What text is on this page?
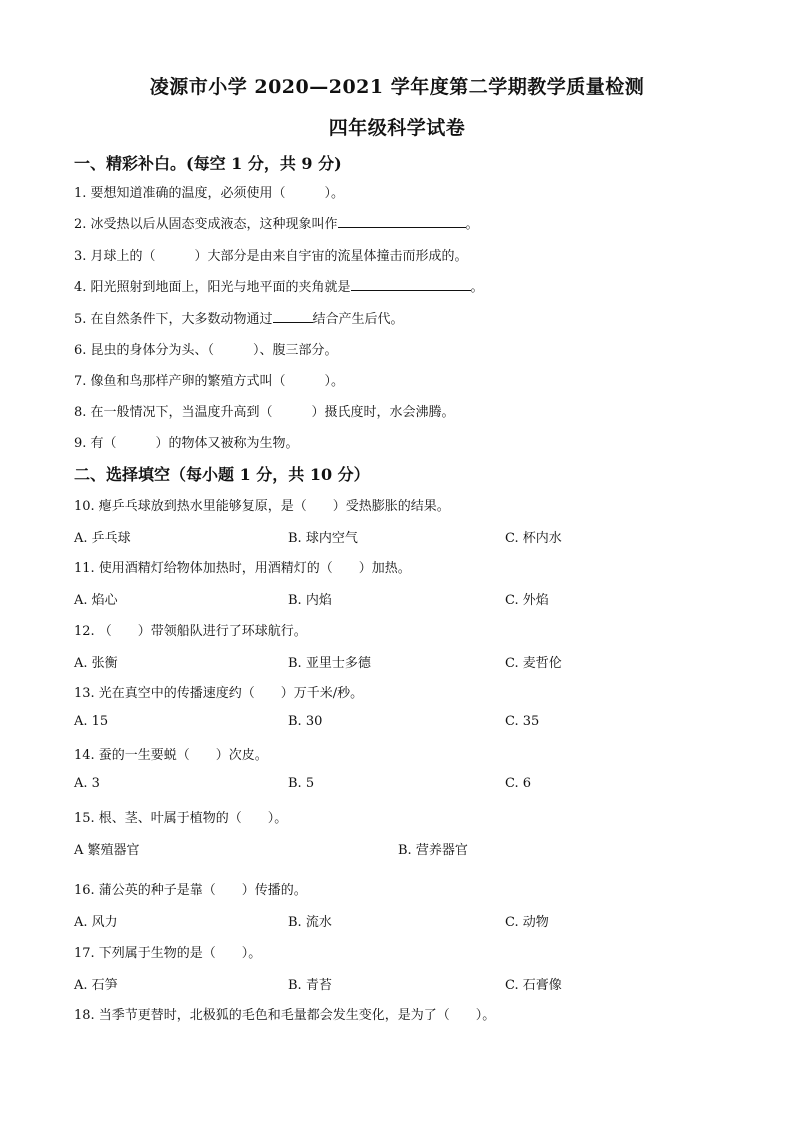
凌源市小学 2020—2021 学年度第二学期教学质量检测
四年级科学试卷
一、精彩补白。(每空 1 分，共 9 分)
1. 要想知道准确的温度，必须使用（　　　）。
2. 冰受热以后从固态变成液态，这种现象叫作	。
3. 月球上的（　　　）大部分是由来自宇宙的流星体撞击而形成的。
4. 阳光照射到地面上，阳光与地平面的夹角就是	。
5. 在自然条件下，大多数动物通过	结合产生后代。
6. 昆虫的身体分为头、（　　　）、腹三部分。
7. 像鱼和鸟那样产卵的繁殖方式叫（　　　）。
8. 在一般情况下，当温度升高到（　　　）摄氏度时，水会沸腾。
9. 有（　　　）的物体又被称为生物。
二、选择填空（每小题 1 分，共 10 分）
10. 瘪乒乓球放到热水里能够复原，是（　　）受热膨胀的结果。
A. 乒乓球	B. 球内空气	C. 杯内水
11. 使用酒精灯给物体加热时，用酒精灯的（　　）加热。
A. 焰心	B. 内焰	C. 外焰
12. （　　）带领船队进行了环球航行。
A. 张衡	B. 亚里士多德	C. 麦哲伦
13. 光在真空中的传播速度约（　　）万千米/秒。
A. 15	B. 30	C. 35
14. 蚕的一生要蜕（　　）次皮。
A. 3	B. 5	C. 6
15. 根、茎、叶属于植物的（　　）。
A 繁殖器官	B. 营养器官
16. 蒲公英的种子是靠（　　）传播的。
A. 风力	B. 流水	C. 动物
17. 下列属于生物的是（　　）。
A. 石笋	B. 青苔	C. 石膏像
18. 当季节更替时，北极狐的毛色和毛量都会发生变化，是为了（　　）。
